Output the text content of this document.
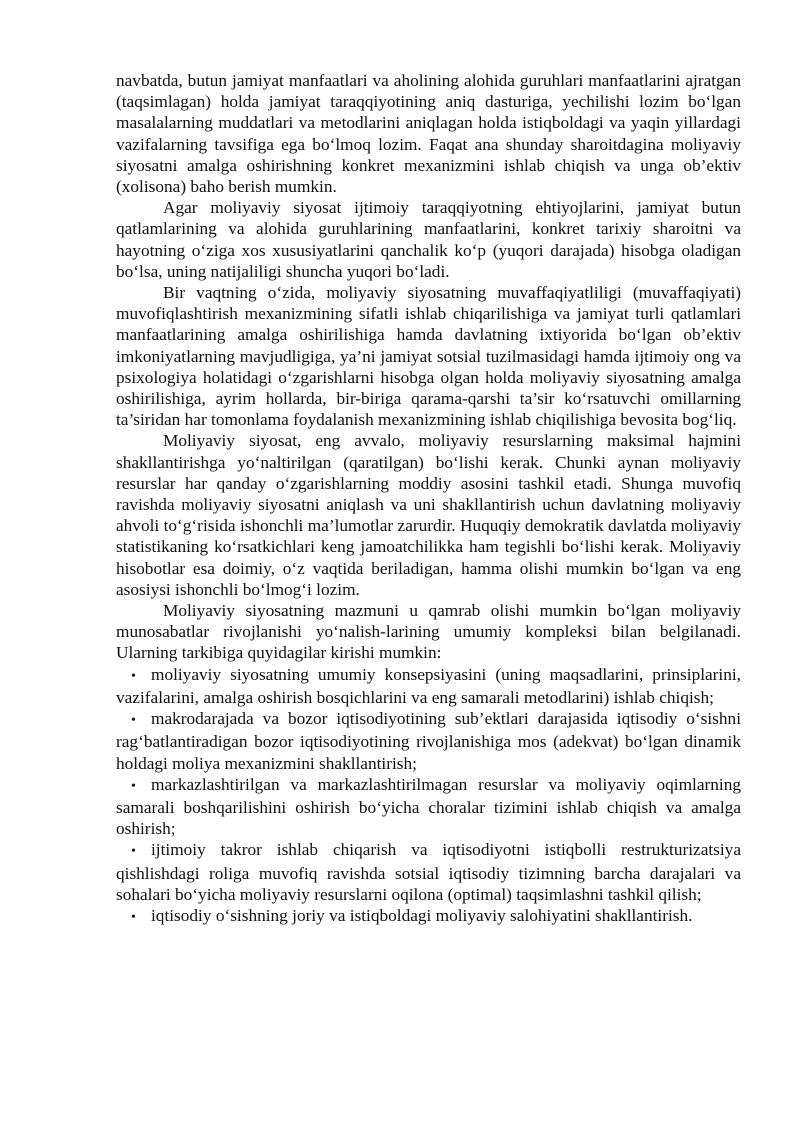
navbatda, butun jamiyat manfaatlari va aholining alohida guruhlari manfaatlarini ajratgan (taqsimlagan) holda jamiyat taraqqiyotining aniq dasturiga, yechilishi lozim bo‘lgan masalalarning muddatlari va metodlarini aniqlagan holda istiqboldagi va yaqin yillardagi vazifalarning tavsifiga ega bo‘lmoq lozim. Faqat ana shunday sharoitdagina moliyaviy siyosatni amalga oshirishning konkret mexanizmini ishlab chiqish va unga ob’ektiv (xolisona) baho berish mumkin.

Agar moliyaviy siyosat ijtimoiy taraqqiyotning ehtiyojlarini, jamiyat butun qatlamlarining va alohida guruhlarining manfaatlarini, konkret tarixiy sharoitni va hayotning o‘ziga xos xususiyatlarini qanchalik ko‘p (yuqori darajada) hisobga oladigan bo‘lsa, uning natijaliligi shuncha yuqori bo‘ladi.

Bir vaqtning o‘zida, moliyaviy siyosatning muvaffaqiyatliligi (muvaffaqiyati) muvofiqlashtirish mexanizmining sifatli ishlab chiqarilishiga va jamiyat turli qatlamlari manfaatlarining amalga oshirilishiga hamda davlatning ixtiyorida bo‘lgan ob’ektiv imkoniyatlarning mavjudligiga, ya’ni jamiyat sotsial tuzilmasidagi hamda ijtimoiy ong va psixologiya holatidagi o‘zgarishlarni hisobga olgan holda moliyaviy siyosatning amalga oshirilishiga, ayrim hollarda, bir-biriga qarama-qarshi ta’sir ko‘rsatuvchi omillarning ta’siridan har tomonlama foydalanish mexanizmining ishlab chiqilishiga bevosita bog‘liq.

Moliyaviy siyosat, eng avvalo, moliyaviy resurslarning maksimal hajmini shakllantirishga yo‘naltirilgan (qaratilgan) bo‘lishi kerak. Chunki aynan moliyaviy resurslar har qanday o‘zgarishlarning moddiy asosini tashkil etadi. Shunga muvofiq ravishda moliyaviy siyosatni aniqlash va uni shakllantirish uchun davlatning moliyaviy ahvoli to‘g‘risida ishonchli ma’lumotlar zarurdir. Huquqiy demokratik davlatda moliyaviy statistikaning ko‘rsatkichlari keng jamoatchilikka ham tegishli bo‘lishi kerak. Moliyaviy hisobotlar esa doimiy, o‘z vaqtida beriladigan, hamma olishi mumkin bo‘lgan va eng asosiysi ishonchli bo‘lmog‘i lozim.

Moliyaviy siyosatning mazmuni u qamrab olishi mumkin bo‘lgan moliyaviy munosabatlar rivojlanishi yo‘nalish-larining umumiy kompleksi bilan belgilanadi. Ularning tarkibiga quyidagilar kirishi mumkin:

• moliyaviy siyosatning umumiy konsepsiyasini (uning maqsadlarini, prinsiplarini, vazifalarini, amalga oshirish bosqichlarini va eng samarali metodlarini) ishlab chiqish;

• makrodarajada va bozor iqtisodiyotining sub’ektlari darajasida iqtisodiy o‘sishni rag‘batlantiradigan bozor iqtisodiyotining rivojlanishiga mos (adekvat) bo‘lgan dinamik holdagi moliya mexanizmini shakllantirish;

• markazlashtirilgan va markazlashtirilmagan resurslar va moliyaviy oqimlarning samarali boshqarilishini oshirish bo‘yicha choralar tizimini ishlab chiqish va amalga oshirish;

• ijtimoiy takror ishlab chiqarish va iqtisodiyotni istiqbolli restrukturizatsiya qishlishdagi roliga muvofiq ravishda sotsial iqtisodiy tizimning barcha darajalari va sohalari bo‘yicha moliyaviy resurslarni oqilona (optimal) taqsimlashni tashkil qilish;

• iqtisodiy o‘sishning joriy va istiqboldagi moliyaviy salohiyatini shakllantirish.
